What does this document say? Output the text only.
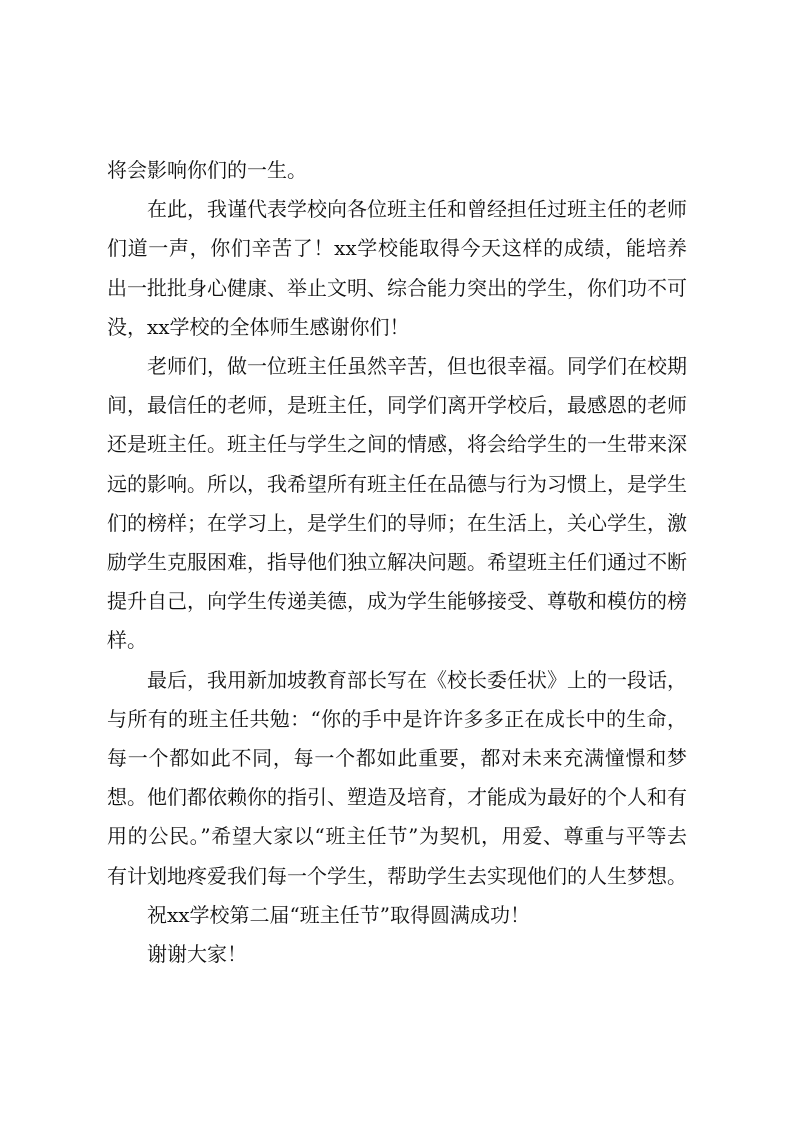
将会影响你们的一生。

在此，我谨代表学校向各位班主任和曾经担任过班主任的老师们道一声，你们辛苦了！xx学校能取得今天这样的成绩，能培养出一批批身心健康、举止文明、综合能力突出的学生，你们功不可没，xx学校的全体师生感谢你们！

老师们，做一位班主任虽然辛苦，但也很幸福。同学们在校期间，最信任的老师，是班主任，同学们离开学校后，最感恩的老师还是班主任。班主任与学生之间的情感，将会给学生的一生带来深远的影响。所以，我希望所有班主任在品德与行为习惯上，是学生们的榜样；在学习上，是学生们的导师；在生活上，关心学生，激励学生克服困难，指导他们独立解决问题。希望班主任们通过不断提升自己，向学生传递美德，成为学生能够接受、尊敬和模仿的榜样。

最后，我用新加坡教育部长写在《校长委任状》上的一段话，与所有的班主任共勉：“你的手中是许许多多正在成长中的生命，每一个都如此不同，每一个都如此重要，都对未来充满憧憬和梦想。他们都依赖你的指引、塑造及培育，才能成为最好的个人和有用的公民。”希望大家以“班主任节”为契机，用爱、尊重与平等去有计划地疼爱我们每一个学生，帮助学生去实现他们的人生梦想。

祝xx学校第二届“班主任节”取得圆满成功！

谢谢大家！
